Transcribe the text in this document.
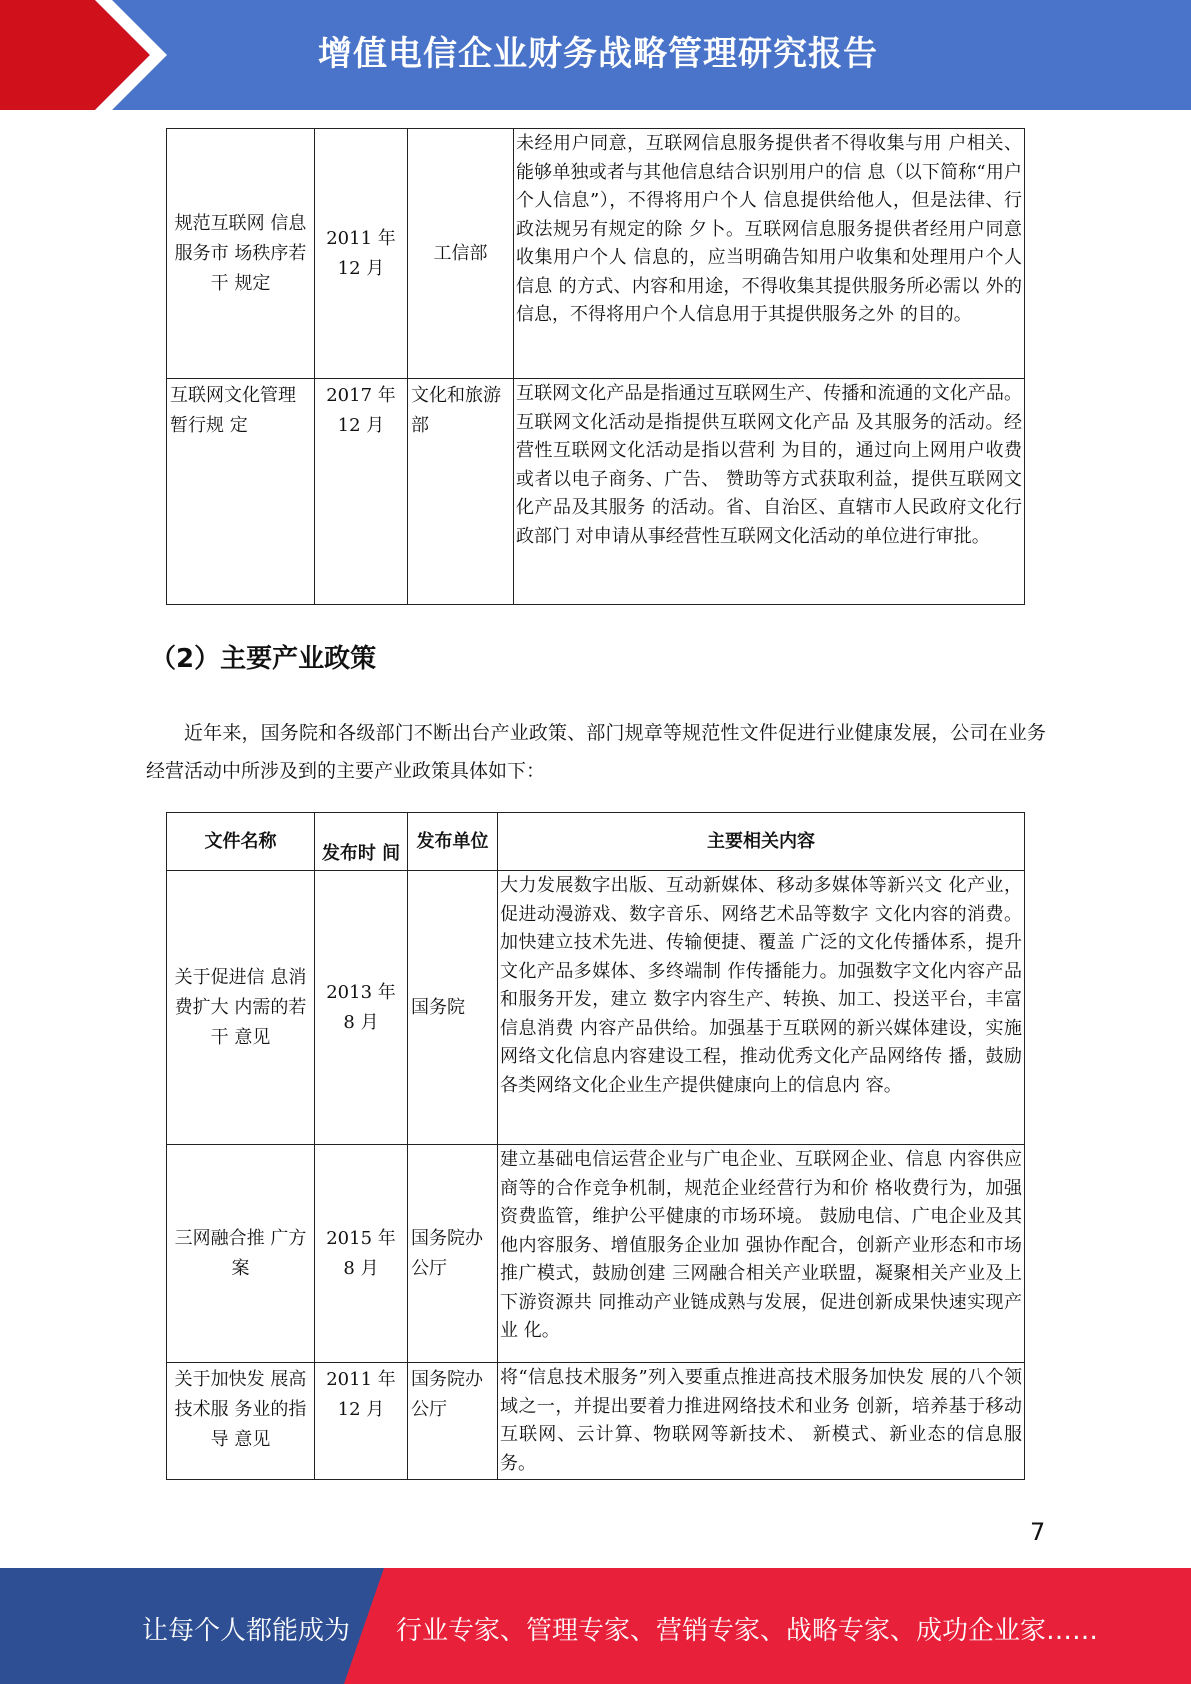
增值电信企业财务战略管理研究报告
规范互联网 信息服务市 场秩序若干 规定	2011 年 12 月	工信部	未经用户同意，互联网信息服务提供者不得收集与用 户相关、能够单独或者与其他信息结合识别用户的信 息（以下简称“用户个人信息”），不得将用户个人 信息提供给他人，但是法律、行政法规另有规定的除 夕卜。互联网信息服务提供者经用户同意收集用户个人 信息的，应当明确告知用户收集和处理用户个人信息 的方式、内容和用途，不得收集其提供服务所必需以 外的信息，不得将用户个人信息用于其提供服务之外 的目的。
互联网文化管理暂行规 定	2017 年 12 月	文化和旅游部	互联网文化产品是指通过互联网生产、传播和流通的文化产品。互联网文化活动是指提供互联网文化产品 及其服务的活动。经营性互联网文化活动是指以营利 为目的，通过向上网用户收费或者以电子商务、广告、 赞助等方式获取利益，提供互联网文化产品及其服务 的活动。省、自治区、直辖市人民政府文化行政部门 对申请从事经营性互联网文化活动的单位进行审批。
（2）主要产业政策
近年来，国务院和各级部门不断出台产业政策、部门规章等规范性文件促进行业健康发展，公司在业务经营活动中所涉及到的主要产业政策具体如下：
文件名称	发布时 间	发布单位	主要相关内容
关于促进信 息消费扩大 内需的若干 意见	2013 年 8 月	国务院	大力发展数字出版、互动新媒体、移动多媒体等新兴文 化产业，促进动漫游戏、数字音乐、网络艺术品等数字 文化内容的消费。加快建立技术先进、传输便捷、覆盖 广泛的文化传播体系，提升文化产品多媒体、多终端制 作传播能力。加强数字文化内容产品和服务开发，建立 数字内容生产、转换、加工、投送平台，丰富信息消费 内容产品供给。加强基于互联网的新兴媒体建设，实施 网络文化信息内容建设工程，推动优秀文化产品网络传 播，鼓励各类网络文化企业生产提供健康向上的信息内 容。
三网融合推 广方案	2015 年 8 月	国务院办公厅	建立基础电信运营企业与广电企业、互联网企业、信息 内容供应商等的合作竞争机制，规范企业经营行为和价 格收费行为，加强资费监管，维护公平健康的市场环境。 鼓励电信、广电企业及其他内容服务、增值服务企业加 强协作配合，创新产业形态和市场推广模式，鼓励创建 三网融合相关产业联盟，凝聚相关产业及上下游资源共 同推动产业链成熟与发展，促进创新成果快速实现产业 化。
关于加快发 展高技术服 务业的指导 意见	2011 年 12 月	国务院办公厅	将“信息技术服务”列入要重点推进高技术服务加快发 展的八个领域之一，并提出要着力推进网络技术和业务 创新，培养基于移动互联网、云计算、物联网等新技术、 新模式、新业态的信息服务。
7
让每个人都能成为 行业专家、管理专家、营销专家、战略专家、成功企业家……
